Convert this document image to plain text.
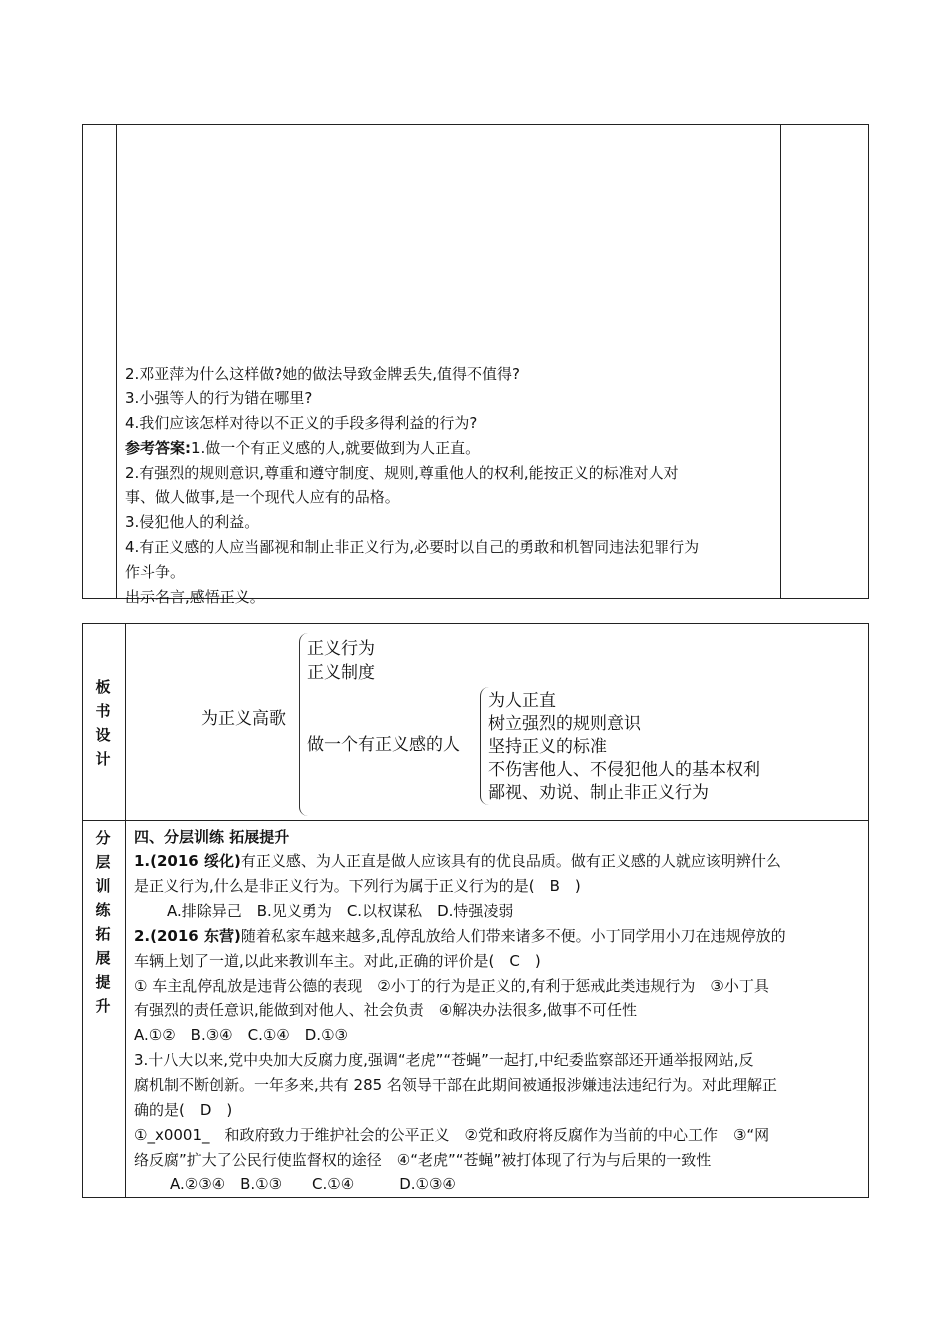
2.邓亚萍为什么这样做?她的做法导致金牌丢失,值得不值得?
3.小强等人的行为错在哪里?
4.我们应该怎样对待以不正义的手段多得利益的行为?
参考答案:1.做一个有正义感的人,就要做到为人正直。
2.有强烈的规则意识,尊重和遵守制度、规则,尊重他人的权利,能按正义的标准对人对
事、做人做事,是一个现代人应有的品格。
3.侵犯他人的利益。
4.有正义感的人应当鄙视和制止非正义行为,必要时以自己的勇敢和机智同违法犯罪行为
作斗争。
出示名言,感悟正义。
板
书
设
计
为正义高歌
正义行为
正义制度
做一个有正义感的人
为人正直
树立强烈的规则意识
坚持正义的标准
不伤害他人、不侵犯他人的基本权利
鄙视、劝说、制止非正义行为
分
层
训
练
拓
展
提
升
四、分层训练 拓展提升
1.(2016 绥化)有正义感、为人正直是做人应该具有的优良品质。做有正义感的人就应该明辨什么
是正义行为,什么是非正义行为。下列行为属于正义行为的是(　B　)
A.排除异己　B.见义勇为　C.以权谋私　D.恃强凌弱
2.(2016 东营)随着私家车越来越多,乱停乱放给人们带来诸多不便。小丁同学用小刀在违规停放的
车辆上划了一道,以此来教训车主。对此,正确的评价是(　C　)
① 车主乱停乱放是违背公德的表现　②小丁的行为是正义的,有利于惩戒此类违规行为　③小丁具
有强烈的责任意识,能做到对他人、社会负责　④解决办法很多,做事不可任性
A.①②　B.③④　C.①④　D.①③
3.十八大以来,党中央加大反腐力度,强调“老虎”“苍蝇”一起打,中纪委监察部还开通举报网站,反
腐机制不断创新。一年多来,共有 285 名领导干部在此期间被通报涉嫌违法违纪行为。对此理解正
确的是(　D　)
①_x0001_　和政府致力于维护社会的公平正义　②党和政府将反腐作为当前的中心工作　③“网
络反腐”扩大了公民行使监督权的途径　④“老虎”“苍蝇”被打体现了行为与后果的一致性
A.②③④　B.①③　　C.①④　　　D.①③④
